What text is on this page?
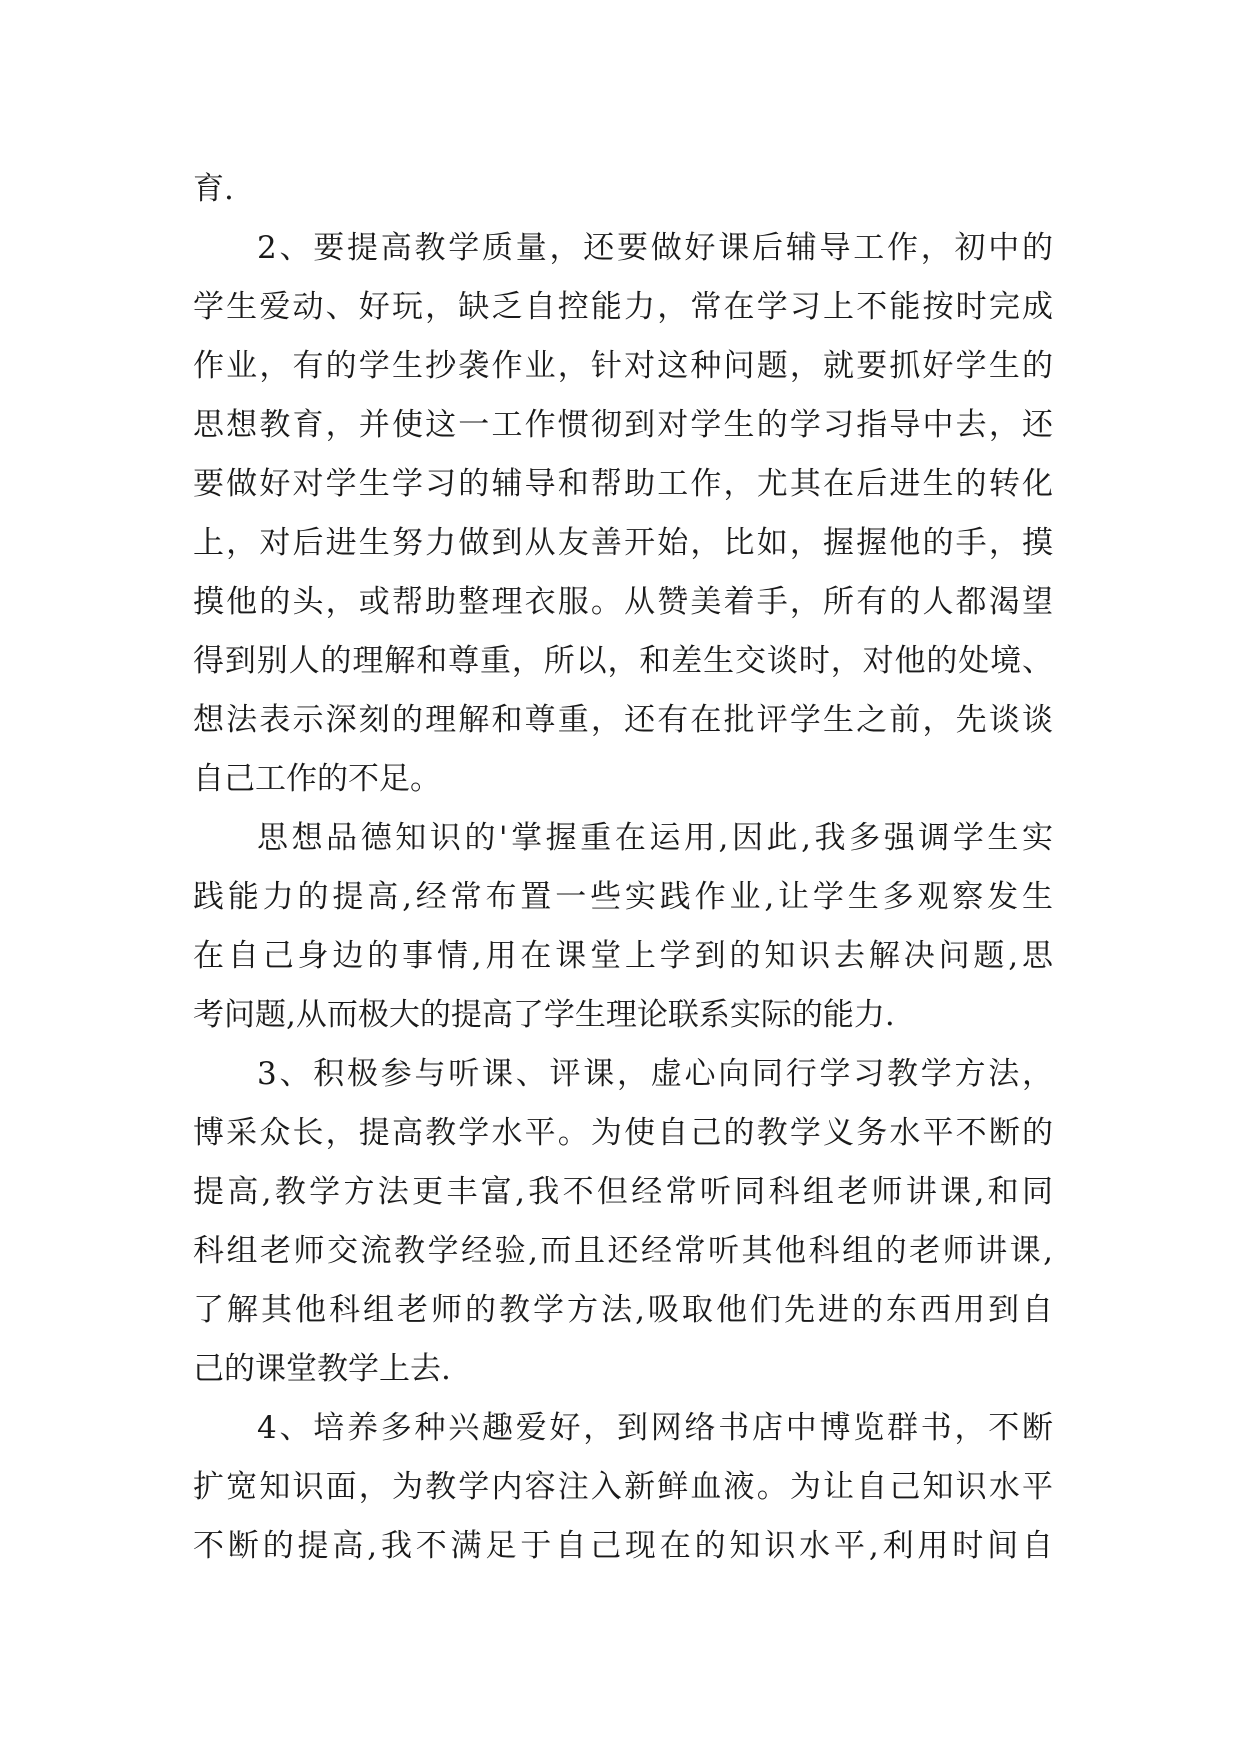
育.
2、要提高教学质量，还要做好课后辅导工作，初中的
学生爱动、好玩，缺乏自控能力，常在学习上不能按时完成
作业，有的学生抄袭作业，针对这种问题，就要抓好学生的
思想教育，并使这一工作惯彻到对学生的学习指导中去，还
要做好对学生学习的辅导和帮助工作，尤其在后进生的转化
上，对后进生努力做到从友善开始，比如，握握他的手，摸
摸他的头，或帮助整理衣服。从赞美着手，所有的人都渴望
得到别人的理解和尊重，所以，和差生交谈时，对他的处境、
想法表示深刻的理解和尊重，还有在批评学生之前，先谈谈
自己工作的不足。
思想品德知识的'掌握重在运用,因此,我多强调学生实
践能力的提高,经常布置一些实践作业,让学生多观察发生
在自己身边的事情,用在课堂上学到的知识去解决问题,思
考问题,从而极大的提高了学生理论联系实际的能力.
3、积极参与听课、评课，虚心向同行学习教学方法，
博采众长，提高教学水平。为使自己的教学义务水平不断的
提高,教学方法更丰富,我不但经常听同科组老师讲课,和同
科组老师交流教学经验,而且还经常听其他科组的老师讲课,
了解其他科组老师的教学方法,吸取他们先进的东西用到自
己的课堂教学上去.
4、培养多种兴趣爱好，到网络书店中博览群书，不断
扩宽知识面，为教学内容注入新鲜血液。为让自己知识水平
不断的提高,我不满足于自己现在的知识水平,利用时间自
